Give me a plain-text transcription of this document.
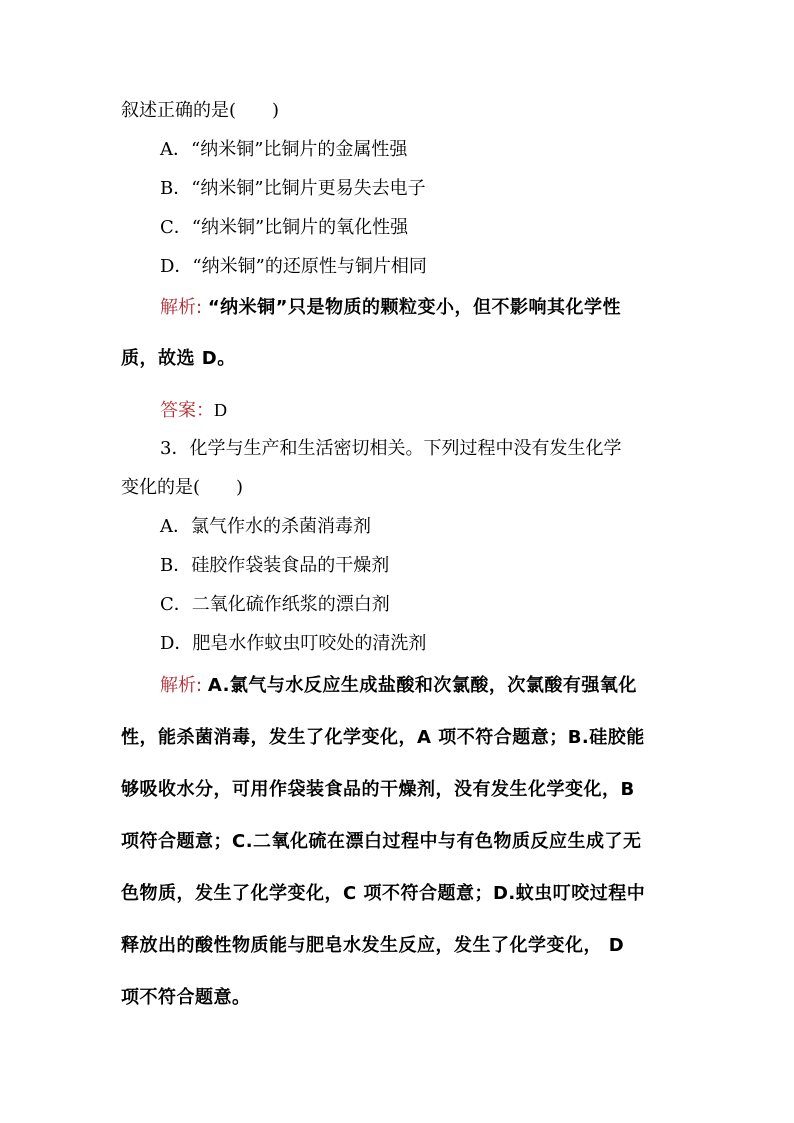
叙述正确的是(　　)
A．“纳米铜”比铜片的金属性强
B．“纳米铜”比铜片更易失去电子
C．“纳米铜”比铜片的氧化性强
D．“纳米铜”的还原性与铜片相同
解析: “纳米铜”只是物质的颗粒变小，但不影响其化学性
质，故选 D。
答案：D
3．化学与生产和生活密切相关。下列过程中没有发生化学
变化的是(　　)
A．氯气作水的杀菌消毒剂
B．硅胶作袋装食品的干燥剂
C．二氧化硫作纸浆的漂白剂
D．肥皂水作蚊虫叮咬处的清洗剂
解析: A.氯气与水反应生成盐酸和次氯酸，次氯酸有强氧化
性，能杀菌消毒，发生了化学变化，A 项不符合题意；B.硅胶能
够吸收水分，可用作袋装食品的干燥剂，没有发生化学变化，B
项符合题意；C.二氧化硫在漂白过程中与有色物质反应生成了无
色物质，发生了化学变化，C 项不符合题意；D.蚊虫叮咬过程中
释放出的酸性物质能与肥皂水发生反应，发生了化学变化， D
项不符合题意。
